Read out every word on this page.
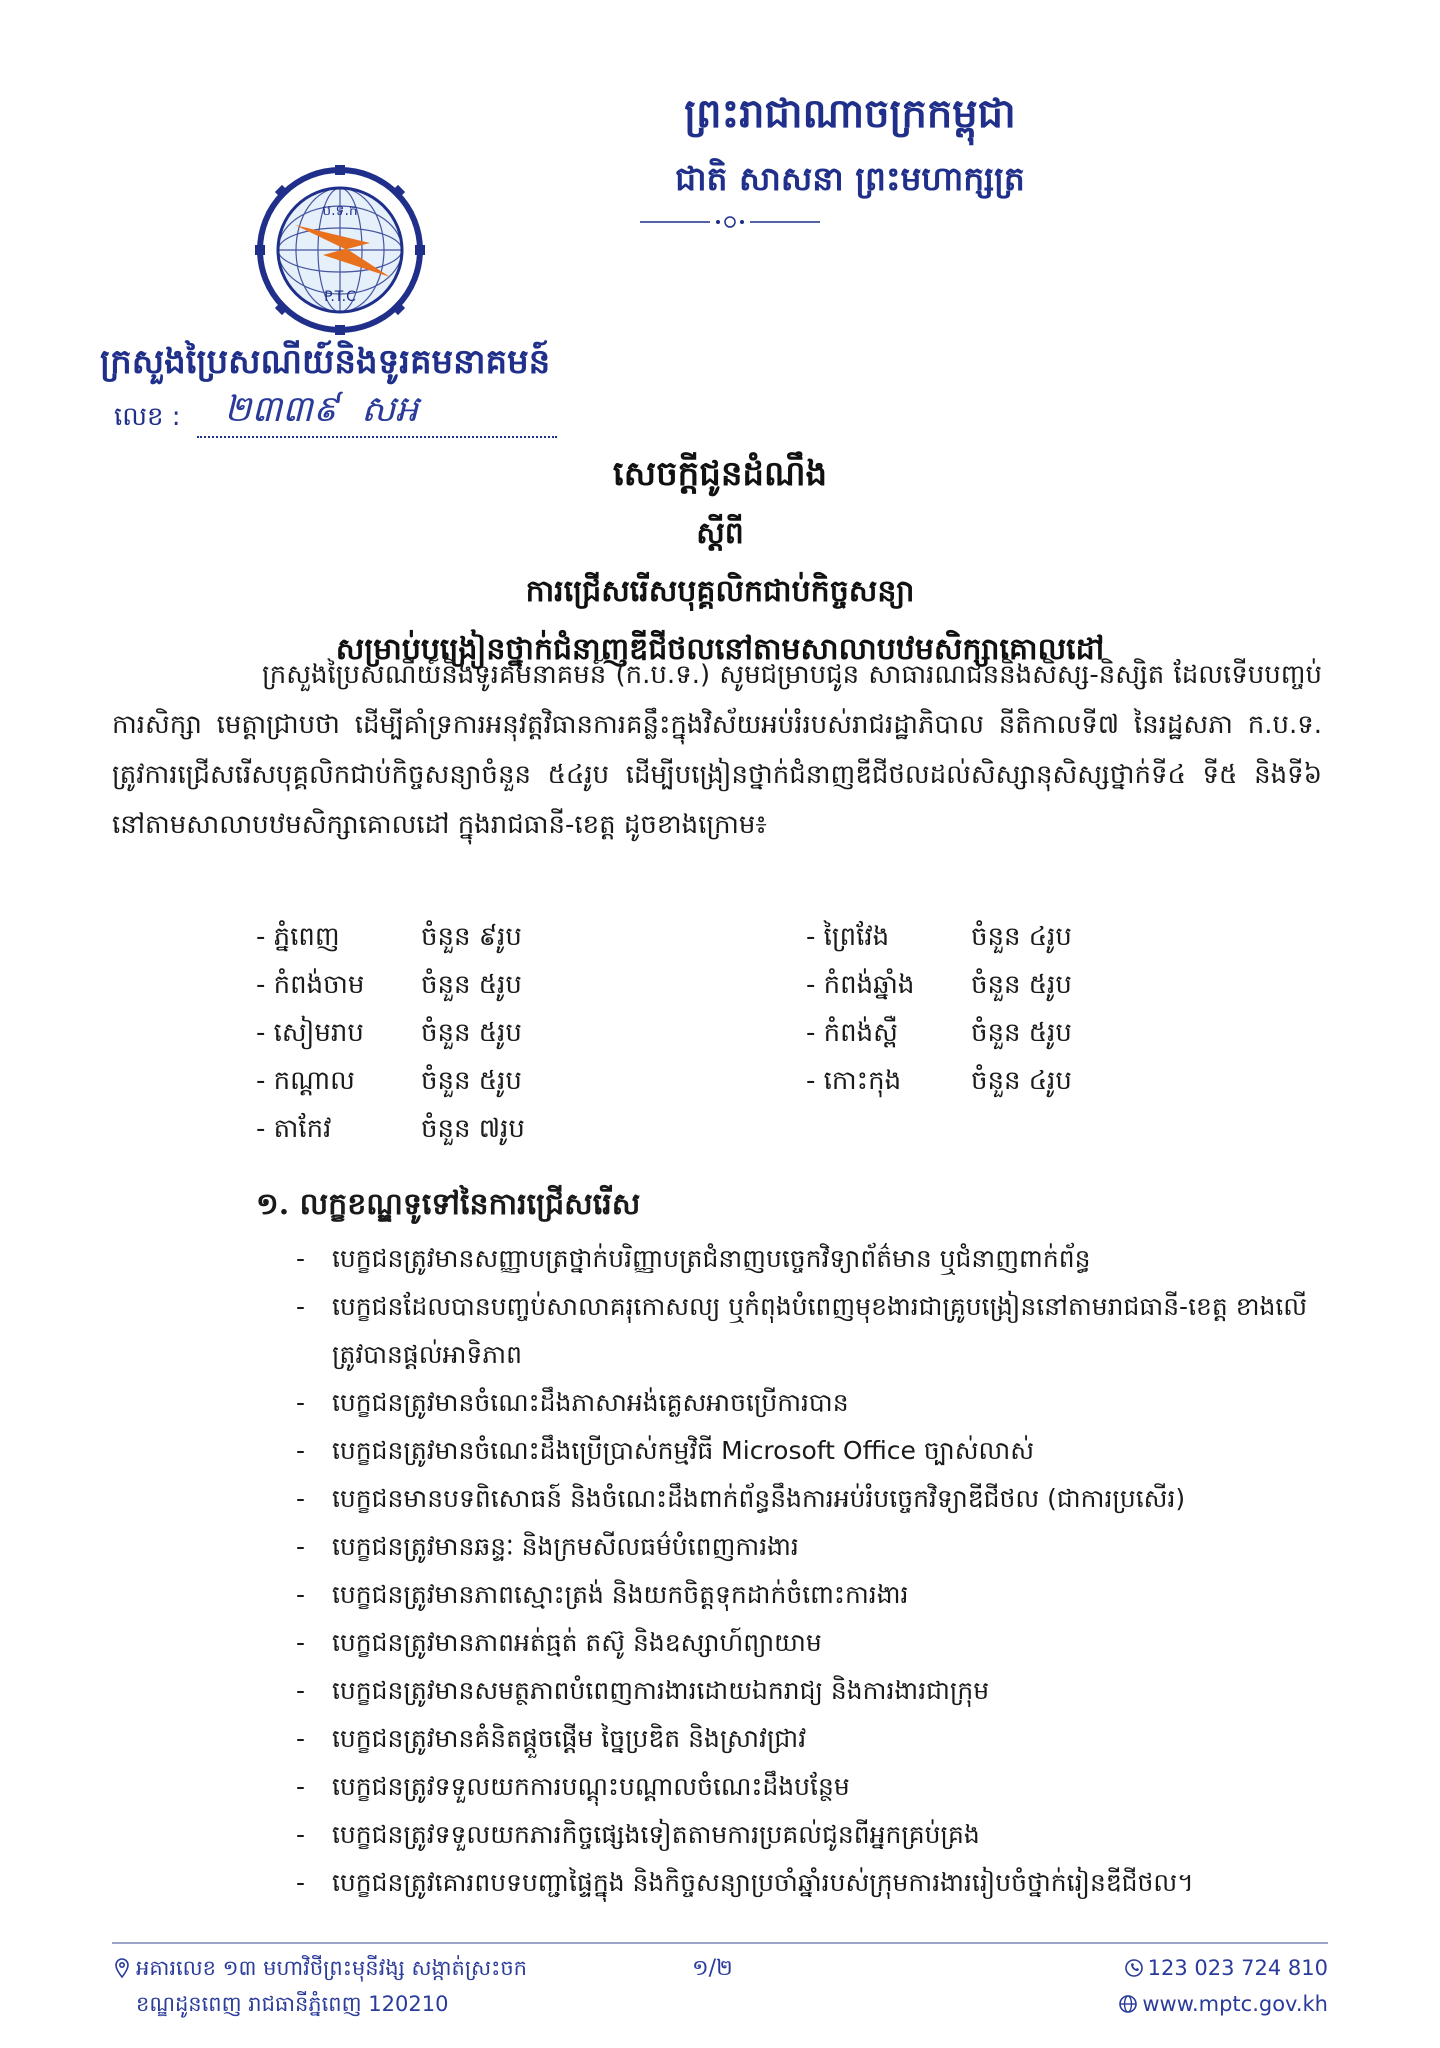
ព្រះរាជាណាចក្រកម្ពុជា
ជាតិ សាសនា ព្រះមហាក្សត្រ
ប.ទ.ក
P.T.C
ក្រសួងប្រៃសណីយ៍និងទូរគមនាគមន៍
លេខ : ២៣៣៩ ​ សអ
សេចក្តីជូនដំណឹង
ស្តីពី
ការជ្រើសរើសបុគ្គលិកជាប់កិច្ចសន្យា
សម្រាប់បង្រៀនថ្នាក់ជំនាញឌីជីថលនៅតាមសាលាបឋមសិក្សាគោលដៅ

ក្រសួងប្រៃសណីយ៍និងទូរគមនាគមន៍ (ក.ប.ទ.) សូមជម្រាបជូន សាធារណជននិងសិស្ស-និស្សិត ដែលទើបបញ្ចប់ការសិក្សា មេត្តាជ្រាបថា ដើម្បីគាំទ្រការអនុវត្តវិធានការគន្លឹះក្នុងវិស័យអប់រំរបស់រាជរដ្ឋាភិបាល នីតិកាលទី៧ នៃរដ្ឋសភា ក.ប.ទ. ត្រូវការជ្រើសរើសបុគ្គលិកជាប់កិច្ចសន្យាចំនួន ៥៤រូប ដើម្បីបង្រៀនថ្នាក់ជំនាញឌីជីថលដល់សិស្សានុសិស្សថ្នាក់ទី៤ ទី៥ និងទី៦ នៅតាមសាលាបឋមសិក្សាគោលដៅ ក្នុងរាជធានី-ខេត្ត ដូចខាងក្រោម៖

- ភ្នំពេញ	ចំនួន ៩រូប
- កំពង់ចាម ចំនួន ៥រូប
- សៀមរាប ចំនួន ៥រូប
- កណ្តាល	ចំនួន ៥រូប
- តាកែវ	ចំនួន ៧រូប
- ព្រៃវែង	ចំនួន ៤រូប
- កំពង់ឆ្នាំង ចំនួន ៥រូប
- កំពង់ស្ពឺ	ចំនួន ៥រូប
- កោះកុង	ចំនួន ៤រូប
១. លក្ខខណ្ឌទូទៅនៃការជ្រើសរើស
- បេក្ខជនត្រូវមានសញ្ញាបត្រថ្នាក់បរិញ្ញាបត្រជំនាញបច្ចេកវិទ្យាព័ត៌មាន ឬជំនាញពាក់ព័ន្ធ
- បេក្ខជនដែលបានបញ្ចប់សាលាគរុកោសល្យ ឬកំពុងបំពេញមុខងារជាគ្រូបង្រៀននៅតាមរាជធានី-ខេត្ត ខាងលើត្រូវបានផ្តល់អាទិភាព
- បេក្ខជនត្រូវមានចំណេះដឹងភាសាអង់គ្លេសអាចប្រើការបាន
- បេក្ខជនត្រូវមានចំណេះដឹងប្រើប្រាស់កម្មវិធី Microsoft Office ច្បាស់លាស់
- បេក្ខជនមានបទពិសោធន៍ និងចំណេះដឹងពាក់ព័ន្ធនឹងការអប់រំបច្ចេកវិទ្យាឌីជីថល (ជាការប្រសើរ)
- បេក្ខជនត្រូវមានឆន្ទៈ និងក្រមសីលធម៌បំពេញការងារ
- បេក្ខជនត្រូវមានភាពស្មោះត្រង់ និងយកចិត្តទុកដាក់ចំពោះការងារ
- បេក្ខជនត្រូវមានភាពអត់ធ្មត់ តស៊ូ និងឧស្សាហ៍ព្យាយាម
- បេក្ខជនត្រូវមានសមត្ថភាពបំពេញការងារដោយឯករាជ្យ និងការងារជាក្រុម
- បេក្ខជនត្រូវមានគំនិតផ្តួចផ្តើម ច្នៃប្រឌិត និងស្រាវជ្រាវ
- បេក្ខជនត្រូវទទួលយកការបណ្តុះបណ្តាលចំណេះដឹងបន្ថែម
- បេក្ខជនត្រូវទទួលយកភារកិច្ចផ្សេងទៀតតាមការប្រគល់ជូនពីអ្នកគ្រប់គ្រង
- បេក្ខជនត្រូវគោរពបទបញ្ជាផ្ទៃក្នុង និងកិច្ចសន្យាប្រចាំឆ្នាំរបស់ក្រុមការងាររៀបចំថ្នាក់រៀនឌីជីថល។
អគារលេខ ១៣ មហាវិថីព្រះមុនីវង្ស សង្កាត់ស្រះចក
ខណ្ឌដូនពេញ រាជធានីភ្នំពេញ 120210
១/២	123 023 724 810
www.mptc.gov.kh
